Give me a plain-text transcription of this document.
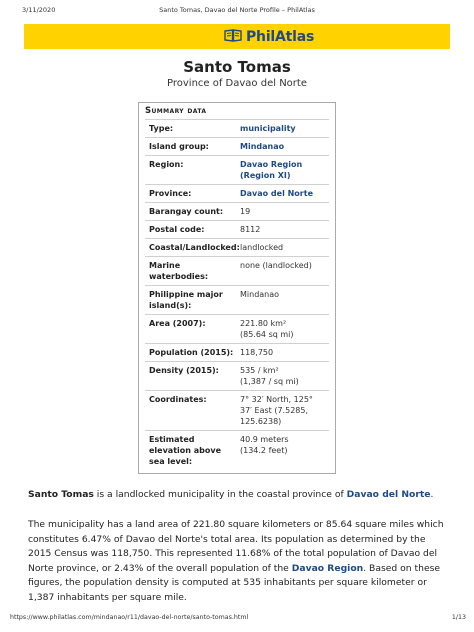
3/11/2020	Santo Tomas, Davao del Norte Profile – PhilAtlas
PhilAtlas
Santo Tomas
Province of Davao del Norte
Summary data
Type:	municipality
Island group:	Mindanao
Region:	Davao Region (Region XI)
Province:	Davao del Norte
Barangay count:	19
Postal code:	8112
Coastal/Landlocked: landlocked
Marine waterbodies:
none (landlocked)
Philippine major island(s):
Mindanao
Area (2007):	221.80 km²
(85.64 sq mi)
Population (2015): 118,750
Density (2015):	535 / km²
(1,387 / sq mi)
Coordinates:	7° 32′ North, 125° 37′ East (7.5285, 125.6238)
Estimated elevation above sea level:
40.9 meters
(134.2 feet)
Santo Tomas is a landlocked municipality in the coastal province of Davao del Norte.
The municipality has a land area of 221.80 square kilometers or 85.64 square miles which constitutes 6.47% of Davao del Norte's total area. Its population as determined by the 2015 Census was 118,750. This represented 11.68% of the total population of Davao del Norte province, or 2.43% of the overall population of the Davao Region. Based on these figures, the population density is computed at 535 inhabitants per square kilometer or 1,387 inhabitants per square mile.
https://www.philatlas.com/mindanao/r11/davao-del-norte/santo-tomas.html	1/13
